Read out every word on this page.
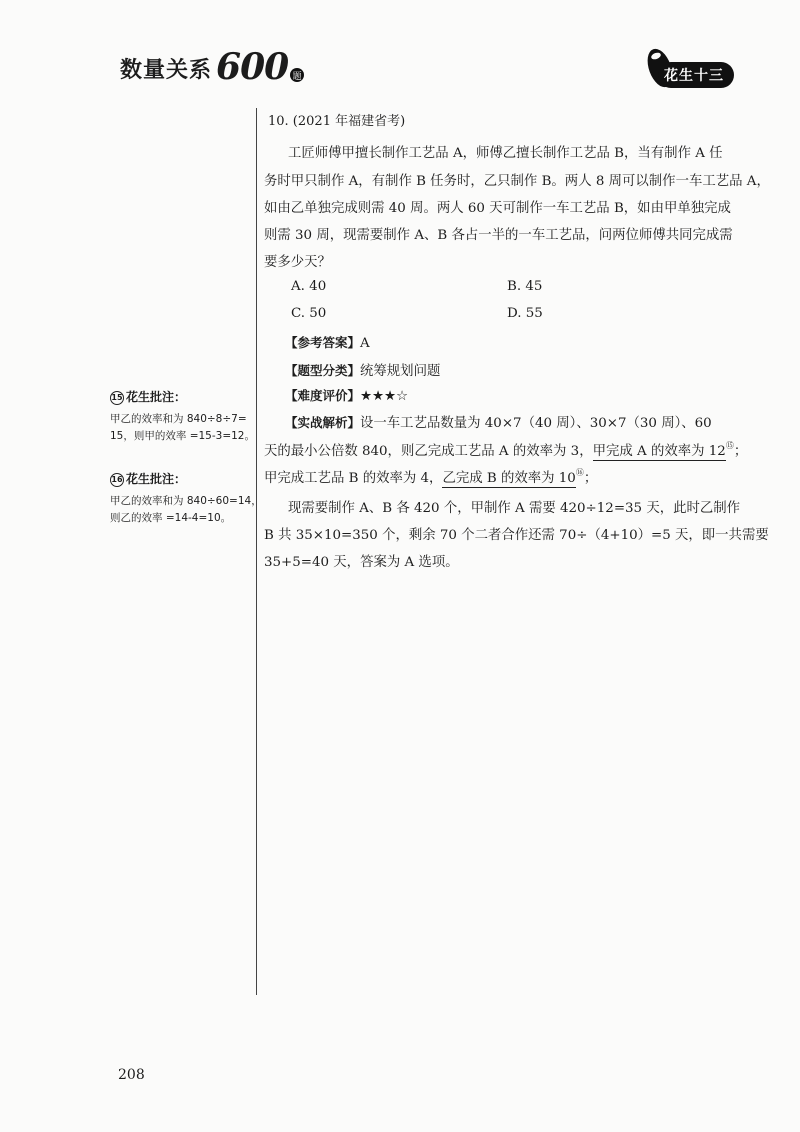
数量关系 600 题	花生十三
15 花生批注：
甲乙的效率和为 840÷8÷7=
15，则甲的效率 =15-3=12。
16 花生批注：
甲乙的效率和为 840÷60=14，
则乙的效率 =14-4=10。
10. (2021 年福建省考)
工匠师傅甲擅长制作工艺品 A，师傅乙擅长制作工艺品 B，当有制作 A 任
务时甲只制作 A，有制作 B 任务时，乙只制作 B。两人 8 周可以制作一车工艺品 A，
如由乙单独完成则需 40 周。两人 60 天可制作一车工艺品 B，如由甲单独完成
则需 30 周，现需要制作 A、B 各占一半的一车工艺品，问两位师傅共同完成需
要多少天？
A. 40	B. 45
C. 50	D. 55
【参考答案】A
【题型分类】统筹规划问题
【难度评价】★★★☆
【实战解析】设一车工艺品数量为 40×7（40 周）、30×7（30 周）、60
天的最小公倍数 840，则乙完成工艺品 A 的效率为 3，甲完成 A 的效率为 12⑮；
甲完成工艺品 B 的效率为 4，乙完成 B 的效率为 10⑯；
现需要制作 A、B 各 420 个，甲制作 A 需要 420÷12=35 天，此时乙制作
B 共 35×10=350 个，剩余 70 个二者合作还需 70÷（4+10）=5 天，即一共需要
35+5=40 天，答案为 A 选项。
208
